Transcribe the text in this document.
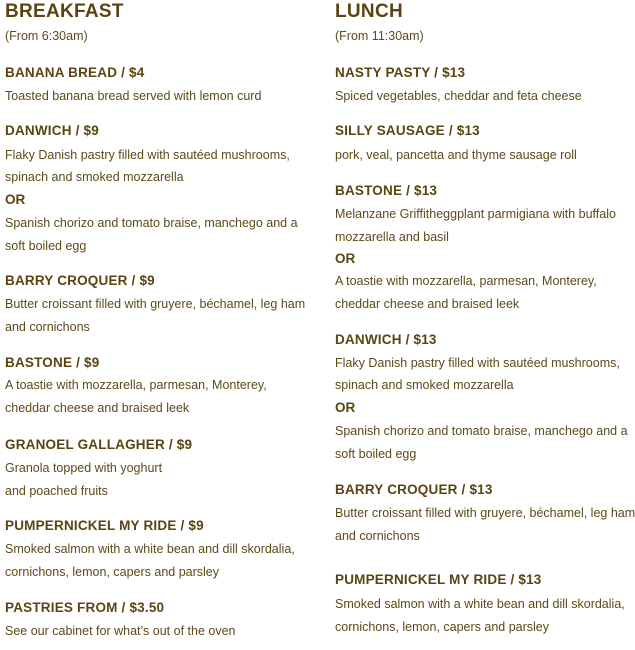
BREAKFAST
(From 6:30am)
BANANA BREAD / $4
Toasted banana bread served with lemon curd
DANWICH / $9
Flaky Danish pastry filled with sautéed mushrooms,
spinach and smoked mozzarella
OR
Spanish chorizo and tomato braise, manchego and a
soft boiled egg
BARRY CROQUER / $9
Butter croissant filled with gruyere, béchamel, leg ham
and cornichons
BASTONE / $9
A toastie with mozzarella, parmesan, Monterey,
cheddar cheese and braised leek
GRANOEL GALLAGHER / $9
Granola topped with yoghurt
and poached fruits
PUMPERNICKEL MY RIDE / $9
Smoked salmon with a white bean and dill skordalia,
cornichons, lemon, capers and parsley
PASTRIES FROM / $3.50
See our cabinet for what’s out of the oven
LUNCH
(From 11:30am)
NASTY PASTY / $13
Spiced vegetables, cheddar and feta cheese
SILLY SAUSAGE / $13
pork, veal, pancetta and thyme sausage roll
BASTONE / $13
Melanzane Griffitheggplant parmigiana with buffalo
mozzarella and basil
OR
A toastie with mozzarella, parmesan, Monterey,
cheddar cheese and braised leek
DANWICH / $13
Flaky Danish pastry filled with sautéed mushrooms,
spinach and smoked mozzarella
OR
Spanish chorizo and tomato braise, manchego and a
soft boiled egg
BARRY CROQUER / $13
Butter croissant filled with gruyere, béchamel, leg ham
and cornichons
PUMPERNICKEL MY RIDE / $13
Smoked salmon with a white bean and dill skordalia,
cornichons, lemon, capers and parsley
